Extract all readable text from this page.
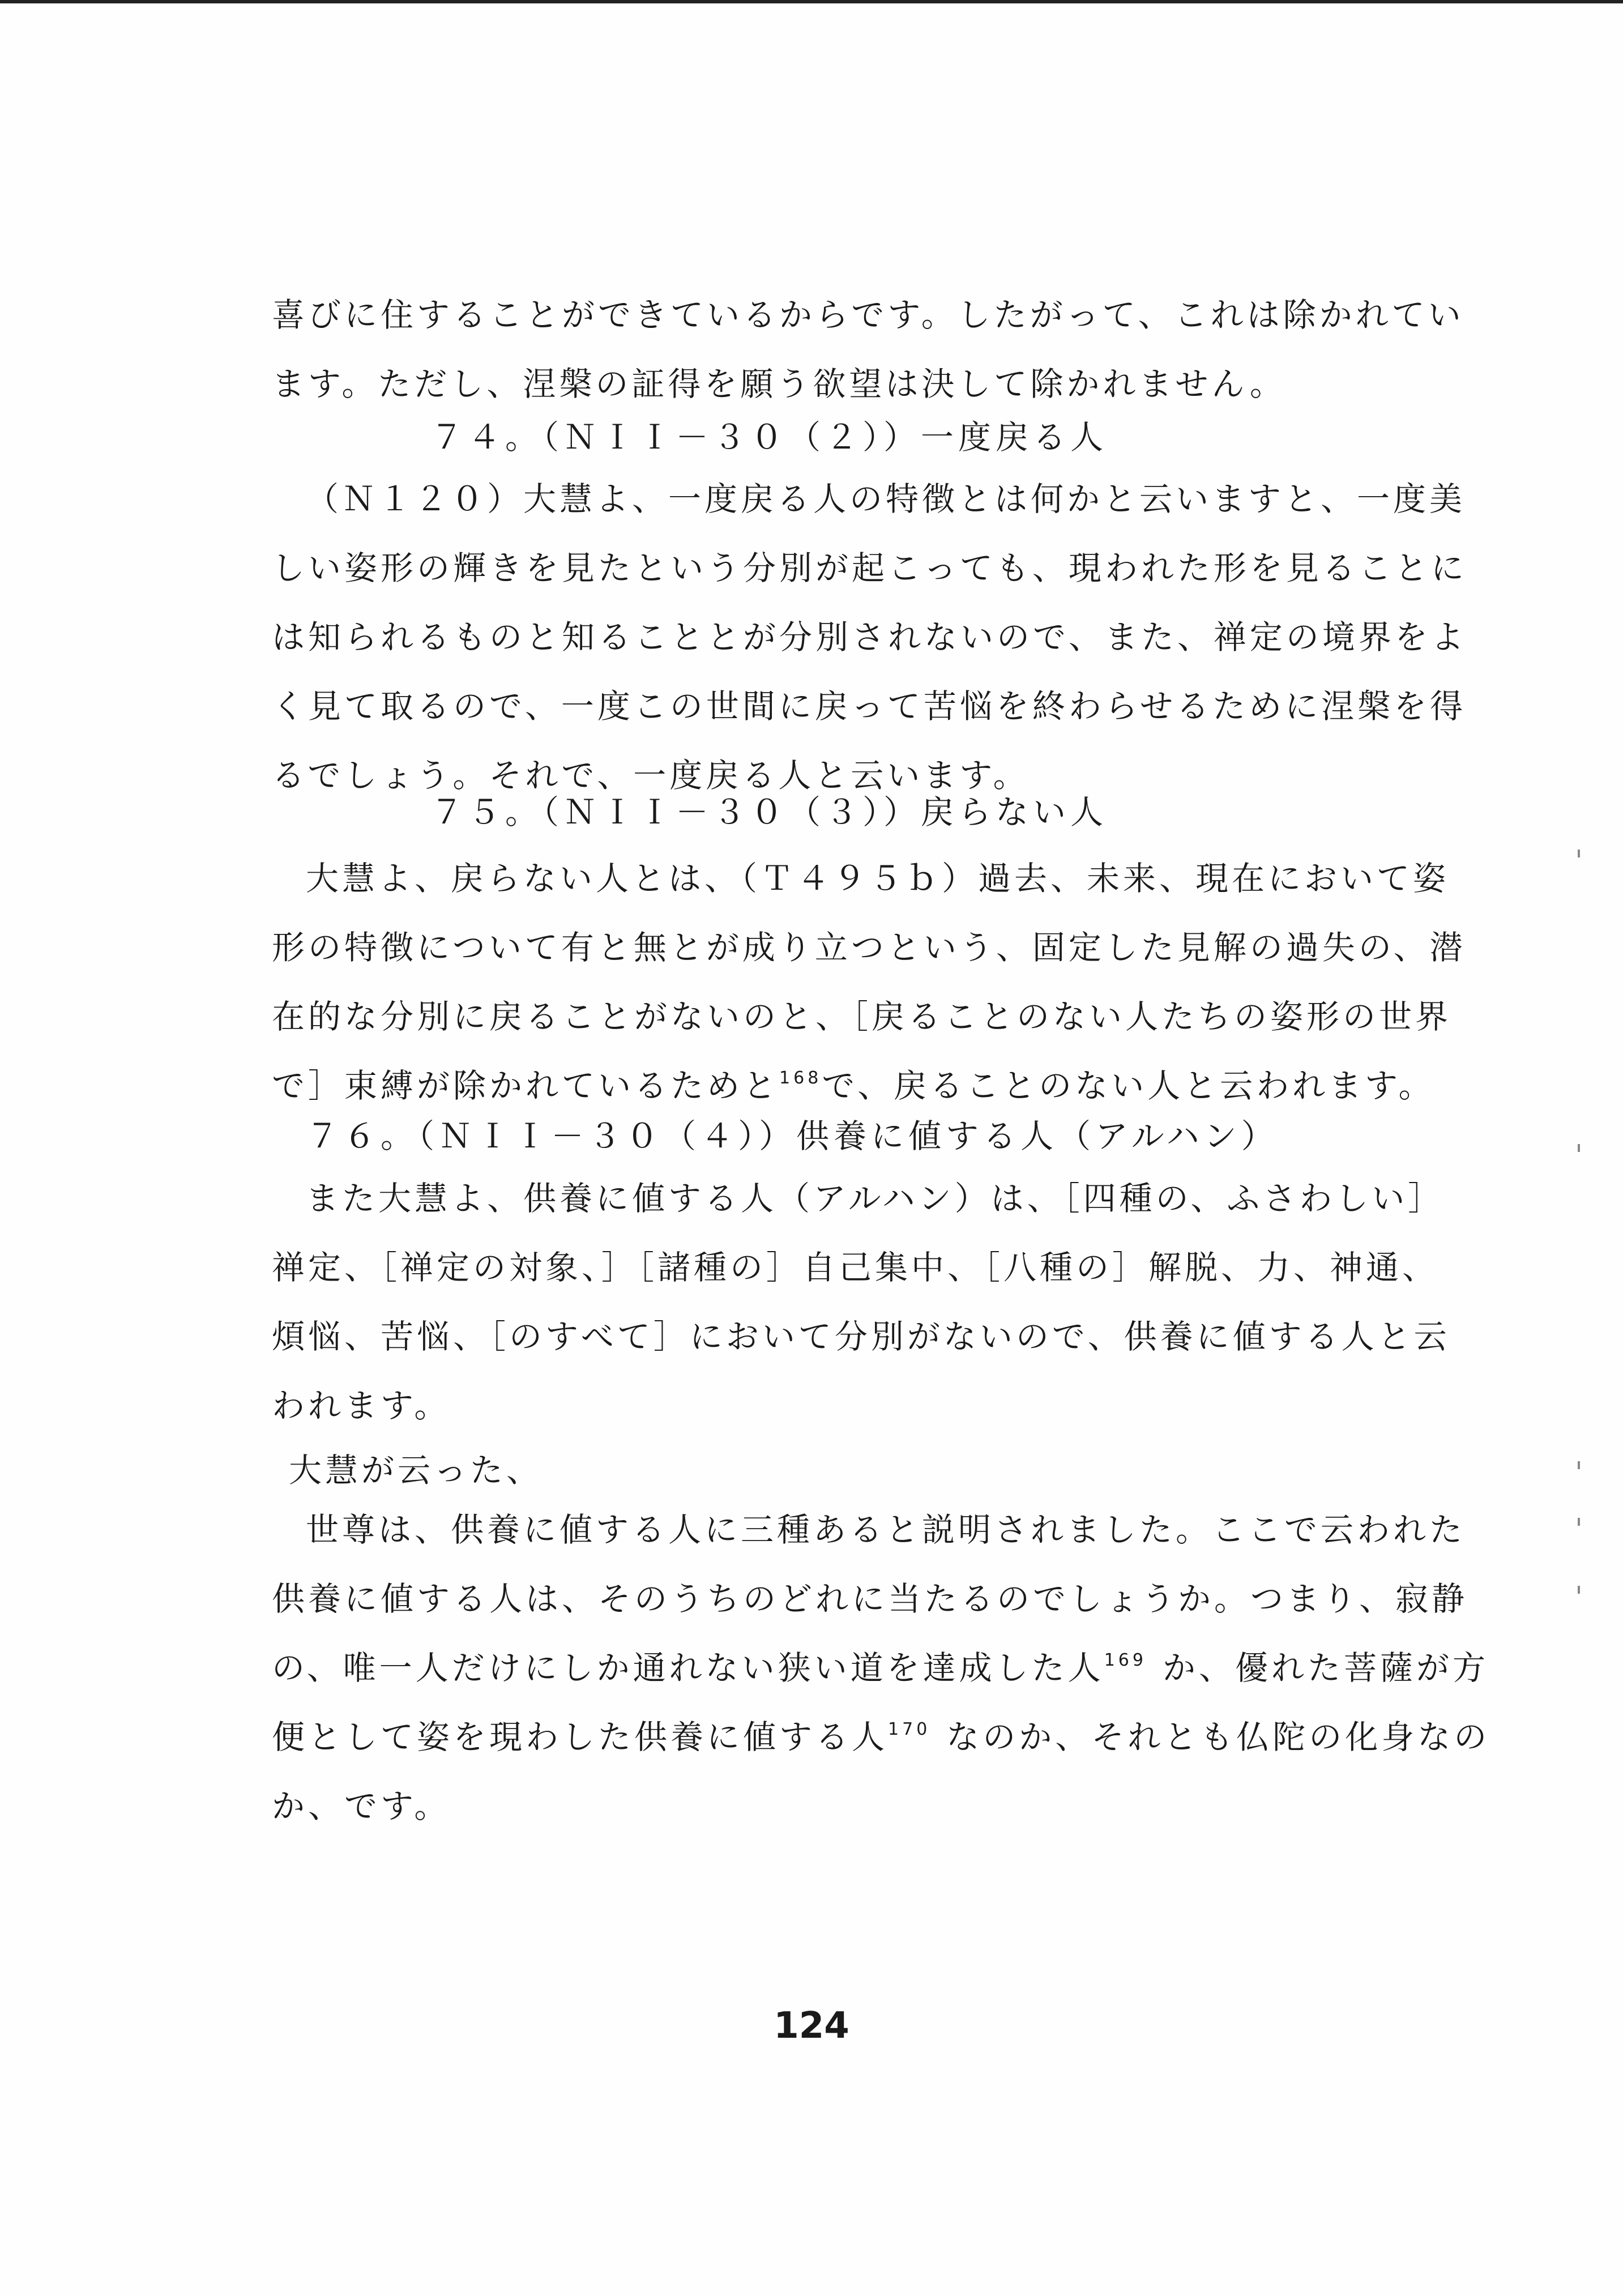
喜びに住することができているからです。したがって、これは除かれてい
ます。ただし、涅槃の証得を願う欲望は決して除かれません。

７４。（ＮＩＩ－３０（２））一度戻る人

（Ｎ１２０）大慧よ、一度戻る人の特徴とは何かと云いますと、一度美
しい姿形の輝きを見たという分別が起こっても、現われた形を見ることに
は知られるものと知ることとが分別されないので、また、禅定の境界をよ
く見て取るので、一度この世間に戻って苦悩を終わらせるために涅槃を得
るでしょう。それで、一度戻る人と云います。

７５。（ＮＩＩ－３０（３））戻らない人

大慧よ、戻らない人とは、（Ｔ４９５ｂ）過去、未来、現在において姿
形の特徴について有と無とが成り立つという、固定した見解の過失の、潜
在的な分別に戻ることがないのと、［戻ることのない人たちの姿形の世界
で］束縛が除かれているためと$^{168}$で、戻ることのない人と云われます。

７６。（ＮＩＩ－３０（４））供養に値する人（アルハン）

また大慧よ、供養に値する人（アルハン）は、［四種の、ふさわしい］
禅定、［禅定の対象、］［諸種の］自己集中、［八種の］解脱、力、神通、
煩悩、苦悩、［のすべて］において分別がないので、供養に値する人と云
われます。

大慧が云った、

世尊は、供養に値する人に三種あると説明されました。ここで云われた
供養に値する人は、そのうちのどれに当たるのでしょうか。つまり、寂静
の、唯一人だけにしか通れない狭い道を達成した人$^{169}$ か、優れた菩薩が方
便として姿を現わした供養に値する人$^{170}$ なのか、それとも仏陀の化身なの
か、です。

124
